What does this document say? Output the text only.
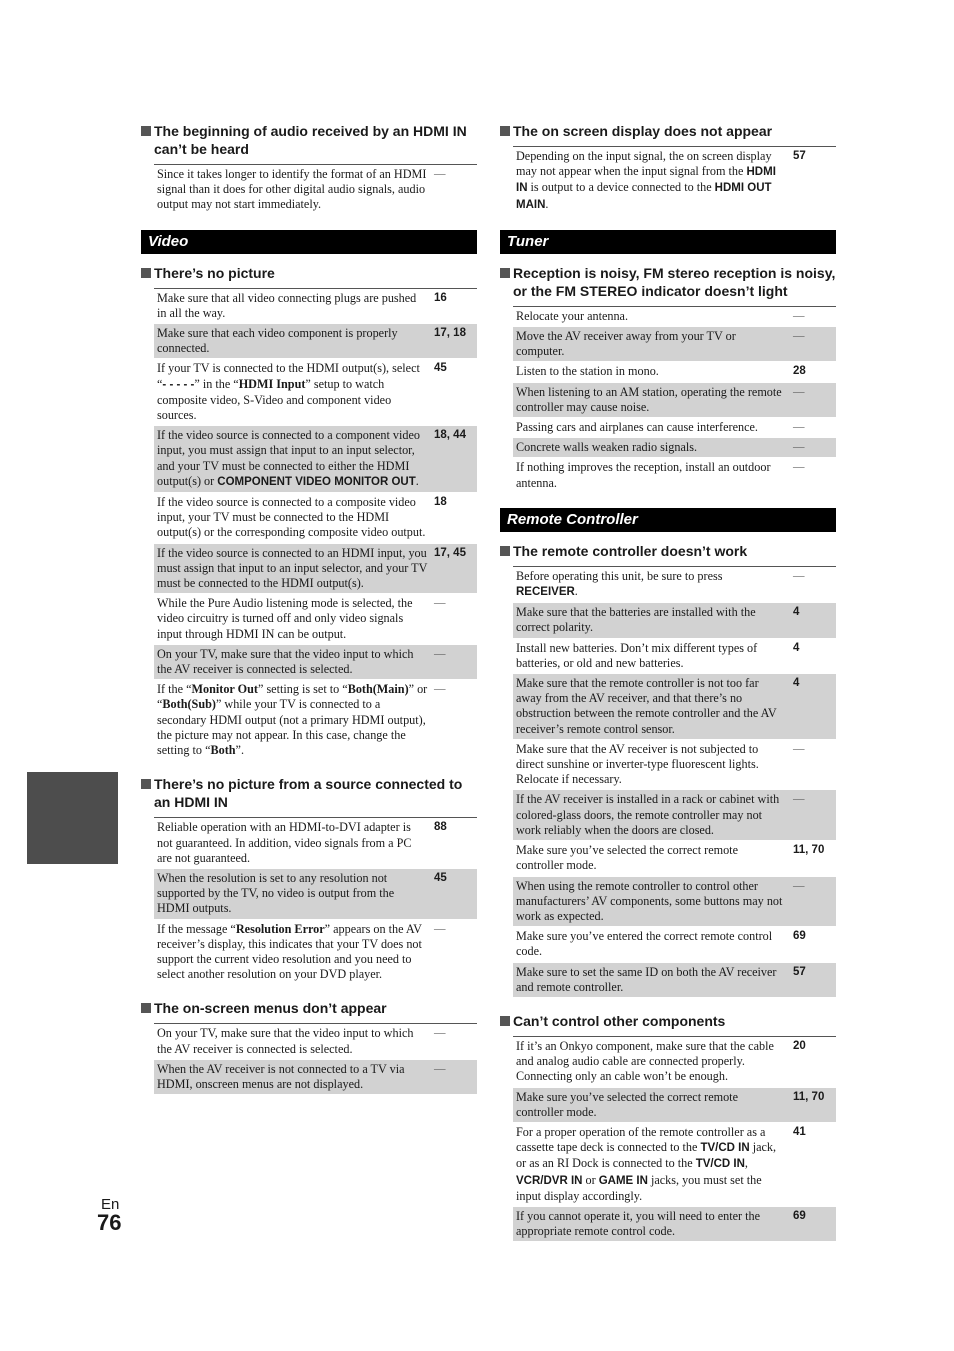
The beginning of audio received by an HDMI IN can’t be heard
Since it takes longer to identify the format of an HDMI signal than it does for other digital audio signals, audio output may not start immediately.
—
Video
There’s no picture
Make sure that all video connecting plugs are pushed in all the way.
16
Make sure that each video component is properly connected.
17, 18
If your TV is connected to the HDMI output(s), select “- - - - -” in the “HDMI Input” setup to watch composite video, S-Video and component video sources.
45
If the video source is connected to a component video input, you must assign that input to an input selector, and your TV must be connected to either the HDMI output(s) or COMPONENT VIDEO MONITOR OUT.
18, 44
If the video source is connected to a composite video input, your TV must be connected to the HDMI output(s) or the corresponding composite video output.
18
If the video source is connected to an HDMI input, you must assign that input to an input selector, and your TV must be connected to the HDMI output(s).
17, 45
While the Pure Audio listening mode is selected, the video circuitry is turned off and only video signals input through HDMI IN can be output.
—
On your TV, make sure that the video input to which the AV receiver is connected is selected.
—
If the “Monitor Out” setting is set to “Both(Main)” or “Both(Sub)” while your TV is connected to a secondary HDMI output (not a primary HDMI output), the picture may not appear. In this case, change the setting to “Both”.
—
There’s no picture from a source connected to an HDMI IN
Reliable operation with an HDMI-to-DVI adapter is not guaranteed. In addition, video signals from a PC are not guaranteed.
88
When the resolution is set to any resolution not supported by the TV, no video is output from the HDMI outputs.
45
If the message “Resolution Error” appears on the AV receiver’s display, this indicates that your TV does not support the current video resolution and you need to select another resolution on your DVD player.
—
The on-screen menus don’t appear
On your TV, make sure that the video input to which the AV receiver is connected is selected.
—
When the AV receiver is not connected to a TV via HDMI, onscreen menus are not displayed.
—
The on screen display does not appear
Depending on the input signal, the on screen display may not appear when the input signal from the HDMI IN is output to a device connected to the HDMI OUT MAIN.
57
Tuner
Reception is noisy, FM stereo reception is noisy, or the FM STEREO indicator doesn’t light
Relocate your antenna.	—
Move the AV receiver away from your TV or computer.
—
Listen to the station in mono.	28
When listening to an AM station, operating the remote controller may cause noise.
—
Passing cars and airplanes can cause interference.	—
Concrete walls weaken radio signals.	—
If nothing improves the reception, install an outdoor antenna.
—
Remote Controller
The remote controller doesn’t work
Before operating this unit, be sure to press RECEIVER.
—
Make sure that the batteries are installed with the correct polarity.
4
Install new batteries. Don’t mix different types of batteries, or old and new batteries.
4
Make sure that the remote controller is not too far away from the AV receiver, and that there’s no obstruction between the remote controller and the AV receiver’s remote control sensor.
4
Make sure that the AV receiver is not subjected to direct sunshine or inverter-type fluorescent lights. Relocate if necessary.
—
If the AV receiver is installed in a rack or cabinet with colored-glass doors, the remote controller may not work reliably when the doors are closed.
—
Make sure you’ve selected the correct remote controller mode.
11, 70
When using the remote controller to control other manufacturers’ AV components, some buttons may not work as expected.
—
Make sure you’ve entered the correct remote control code.
69
Make sure to set the same ID on both the AV receiver and remote controller.
57
Can’t control other components
If it’s an Onkyo component, make sure that the cable and analog audio cable are connected properly. Connecting only an cable won’t be enough.
20
Make sure you’ve selected the correct remote controller mode.
11, 70
For a proper operation of the remote controller as a cassette tape deck is connected to the TV/CD IN jack, or as an RI Dock is connected to the TV/CD IN, VCR/DVR IN or GAME IN jacks, you must set the input display accordingly.
41
If you cannot operate it, you will need to enter the appropriate remote control code.
69
En
76
